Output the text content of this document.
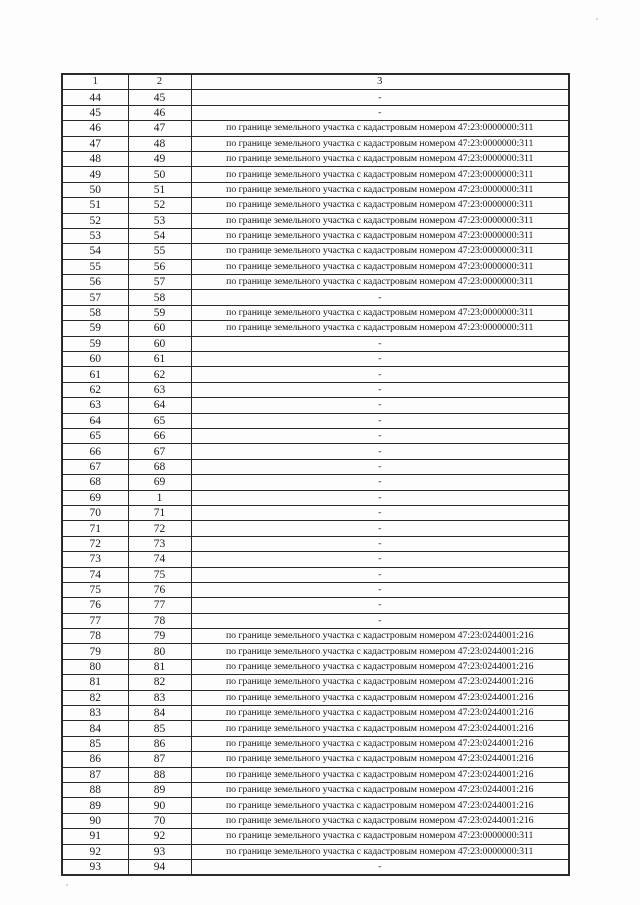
1	2	3
44	45	-
45	46	-
46	47	по границе земельного участка с кадастровым номером 47:23:0000000:311
47	48	по границе земельного участка с кадастровым номером 47:23:0000000:311
48	49	по границе земельного участка с кадастровым номером 47:23:0000000:311
49	50	по границе земельного участка с кадастровым номером 47:23:0000000:311
50	51	по границе земельного участка с кадастровым номером 47:23:0000000:311
51	52	по границе земельного участка с кадастровым номером 47:23:0000000:311
52	53	по границе земельного участка с кадастровым номером 47:23:0000000:311
53	54	по границе земельного участка с кадастровым номером 47:23:0000000:311
54	55	по границе земельного участка с кадастровым номером 47:23:0000000:311
55	56	по границе земельного участка с кадастровым номером 47:23:0000000:311
56	57	по границе земельного участка с кадастровым номером 47:23:0000000:311
57	58	-
58	59	по границе земельного участка с кадастровым номером 47:23:0000000:311
59	60	по границе земельного участка с кадастровым номером 47:23:0000000:311
59	60	-
60	61	-
61	62	-
62	63	-
63	64	-
64	65	-
65	66	-
66	67	-
67	68	-
68	69	-
69	1	-
70	71	-
71	72	-
72	73	-
73	74	-
74	75	-
75	76	-
76	77	-
77	78	-
78	79	по границе земельного участка с кадастровым номером 47:23:0244001:216
79	80	по границе земельного участка с кадастровым номером 47:23:0244001:216
80	81	по границе земельного участка с кадастровым номером 47:23:0244001:216
81	82	по границе земельного участка с кадастровым номером 47:23:0244001:216
82	83	по границе земельного участка с кадастровым номером 47:23:0244001:216
83	84	по границе земельного участка с кадастровым номером 47:23:0244001:216
84	85	по границе земельного участка с кадастровым номером 47:23:0244001:216
85	86	по границе земельного участка с кадастровым номером 47:23:0244001:216
86	87	по границе земельного участка с кадастровым номером 47:23:0244001:216
87	88	по границе земельного участка с кадастровым номером 47:23:0244001:216
88	89	по границе земельного участка с кадастровым номером 47:23:0244001:216
89	90	по границе земельного участка с кадастровым номером 47:23:0244001:216
90	70	по границе земельного участка с кадастровым номером 47:23:0244001:216
91	92	по границе земельного участка с кадастровым номером 47:23:0000000:311
92	93	по границе земельного участка с кадастровым номером 47:23:0000000:311
93	94	-
